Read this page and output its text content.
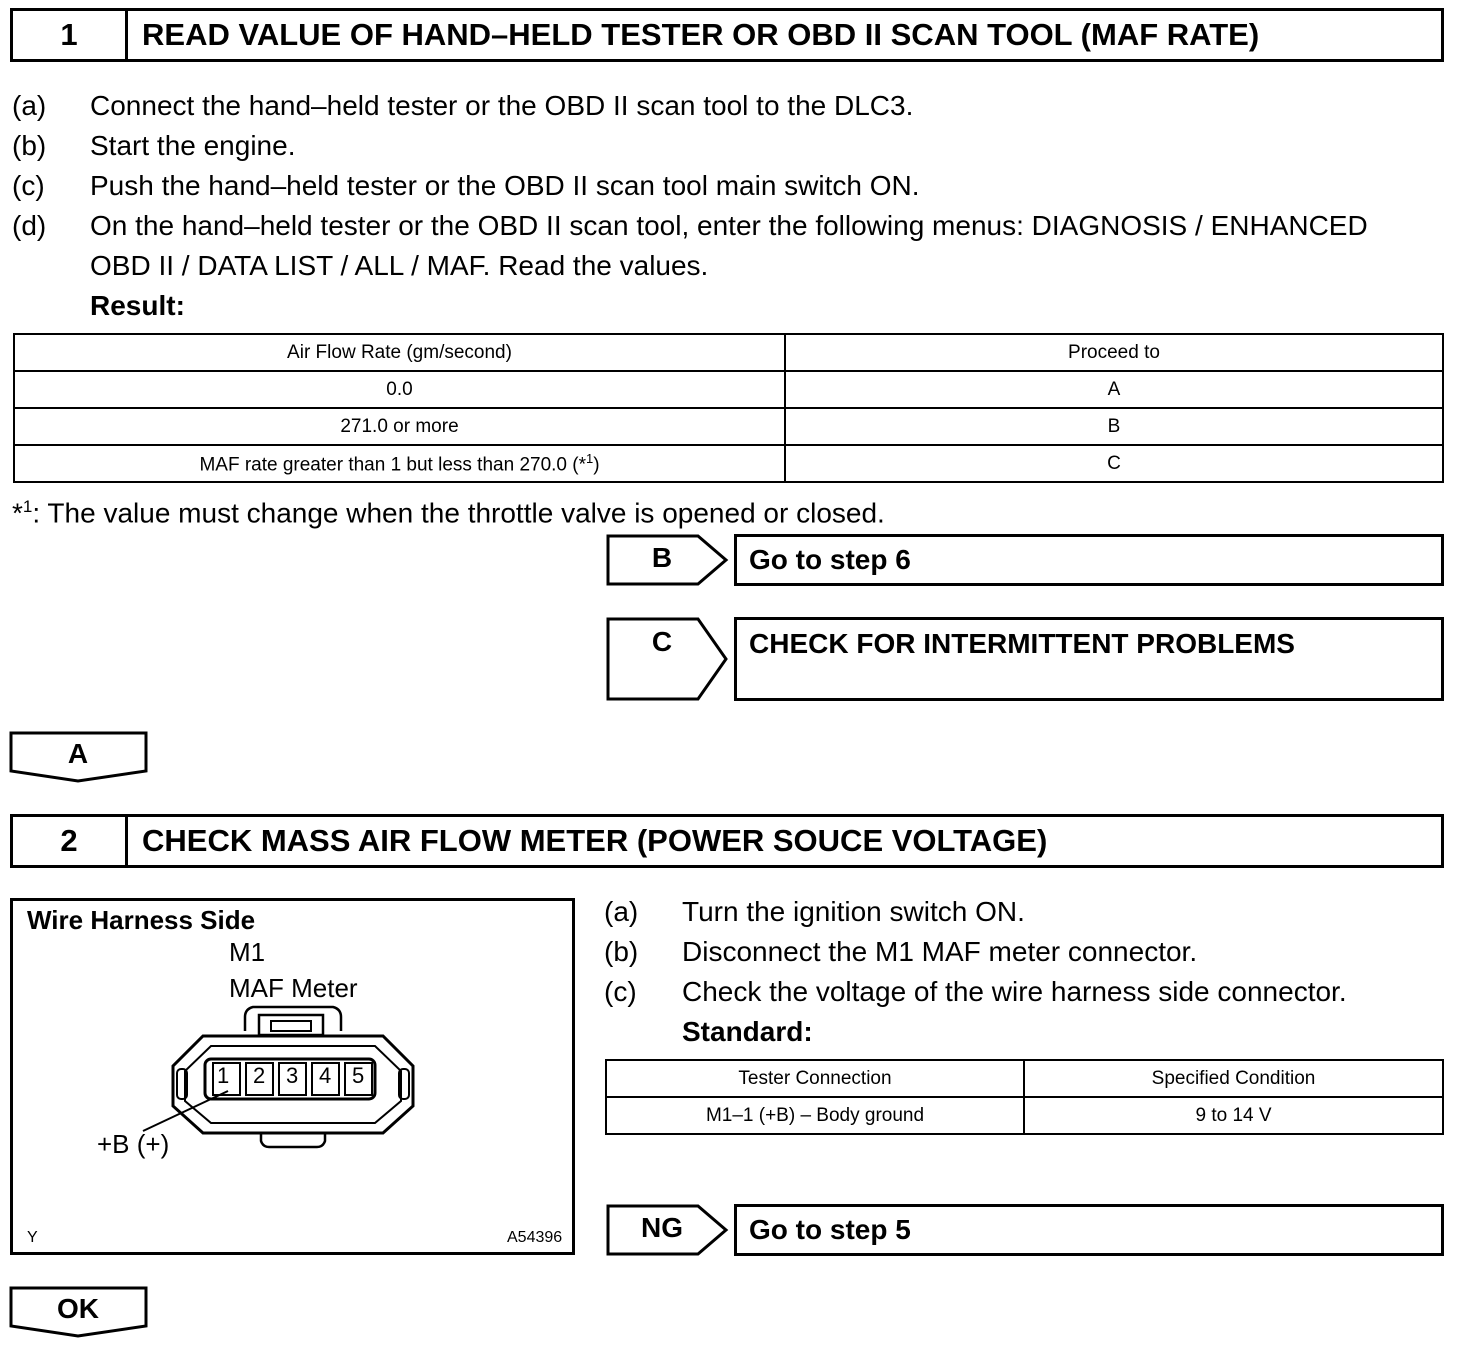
1	READ VALUE OF HAND–HELD TESTER OR OBD II SCAN TOOL (MAF RATE)
(a) Connect the hand–held tester or the OBD II scan tool to the DLC3.
(b) Start the engine.
(c) Push the hand–held tester or the OBD II scan tool main switch ON.
(d) On the hand–held tester or the OBD II scan tool, enter the following menus: DIAGNOSIS / ENHANCED
OBD II / DATA LIST / ALL / MAF. Read the values.
Result:
Air Flow Rate (gm/second)	Proceed to
0.0	A
271.0 or more	B
MAF rate greater than 1 but less than 270.0 (*$^1$)	C
*$^1$: The value must change when the throttle valve is opened or closed.
B	Go to step 6
C	CHECK FOR INTERMITTENT PROBLEMS
A
2	CHECK MASS AIR FLOW METER (POWER SOUCE VOLTAGE)
Wire Harness Side
M1
MAF Meter
1 2 3 4 5
+B (+)
Y	A54396
(a) Turn the ignition switch ON.
(b) Disconnect the M1 MAF meter connector.
(c) Check the voltage of the wire harness side connector.
Standard:
Tester Connection	Specified Condition
M1–1 (+B) – Body ground	9 to 14 V
NG	Go to step 5
OK
